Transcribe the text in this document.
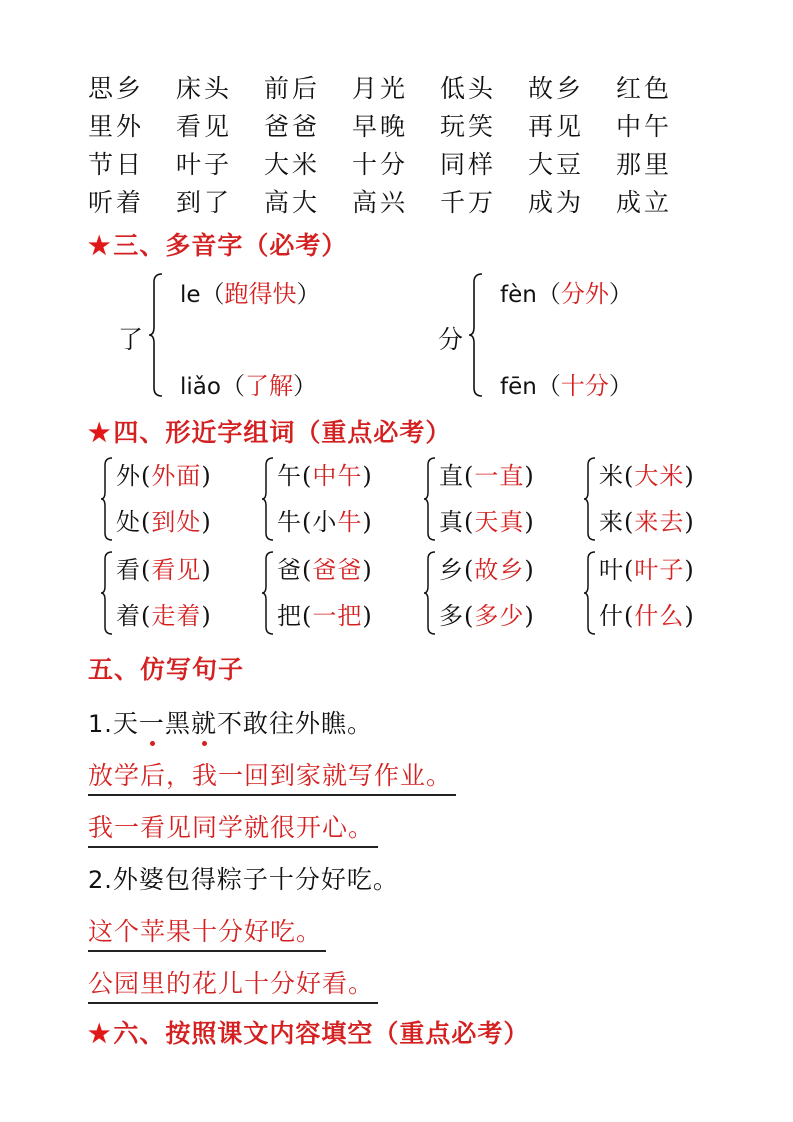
思乡	床头	前后	月光	低头	故乡	红色
里外	看见	爸爸	早晚	玩笑	再见	中午
节日	叶子	大米	十分	同样	大豆	那里
听着	到了	高大	高兴	千万	成为	成立
★三、多音字（必考）
了
le（跑得快）
liǎo（了解）
分
fèn（分外）
fēn（十分）
★四、形近字组词（重点必考）
外(外面)
处(到处)
午(中午)
牛(小牛)
直(一直)
真(天真)
米(大米)
来(来去)
看(看见)
着(走着)
爸(爸爸)
把(一把)
乡(故乡)
多(多少)
叶(叶子)
什(什么)
五、仿写句子
1.天一黑就不敢往外瞧。
放学后，我一回到家就写作业。
我一看见同学就很开心。
2.外婆包得粽子十分好吃。
这个苹果十分好吃。
公园里的花儿十分好看。
★六、按照课文内容填空（重点必考）
